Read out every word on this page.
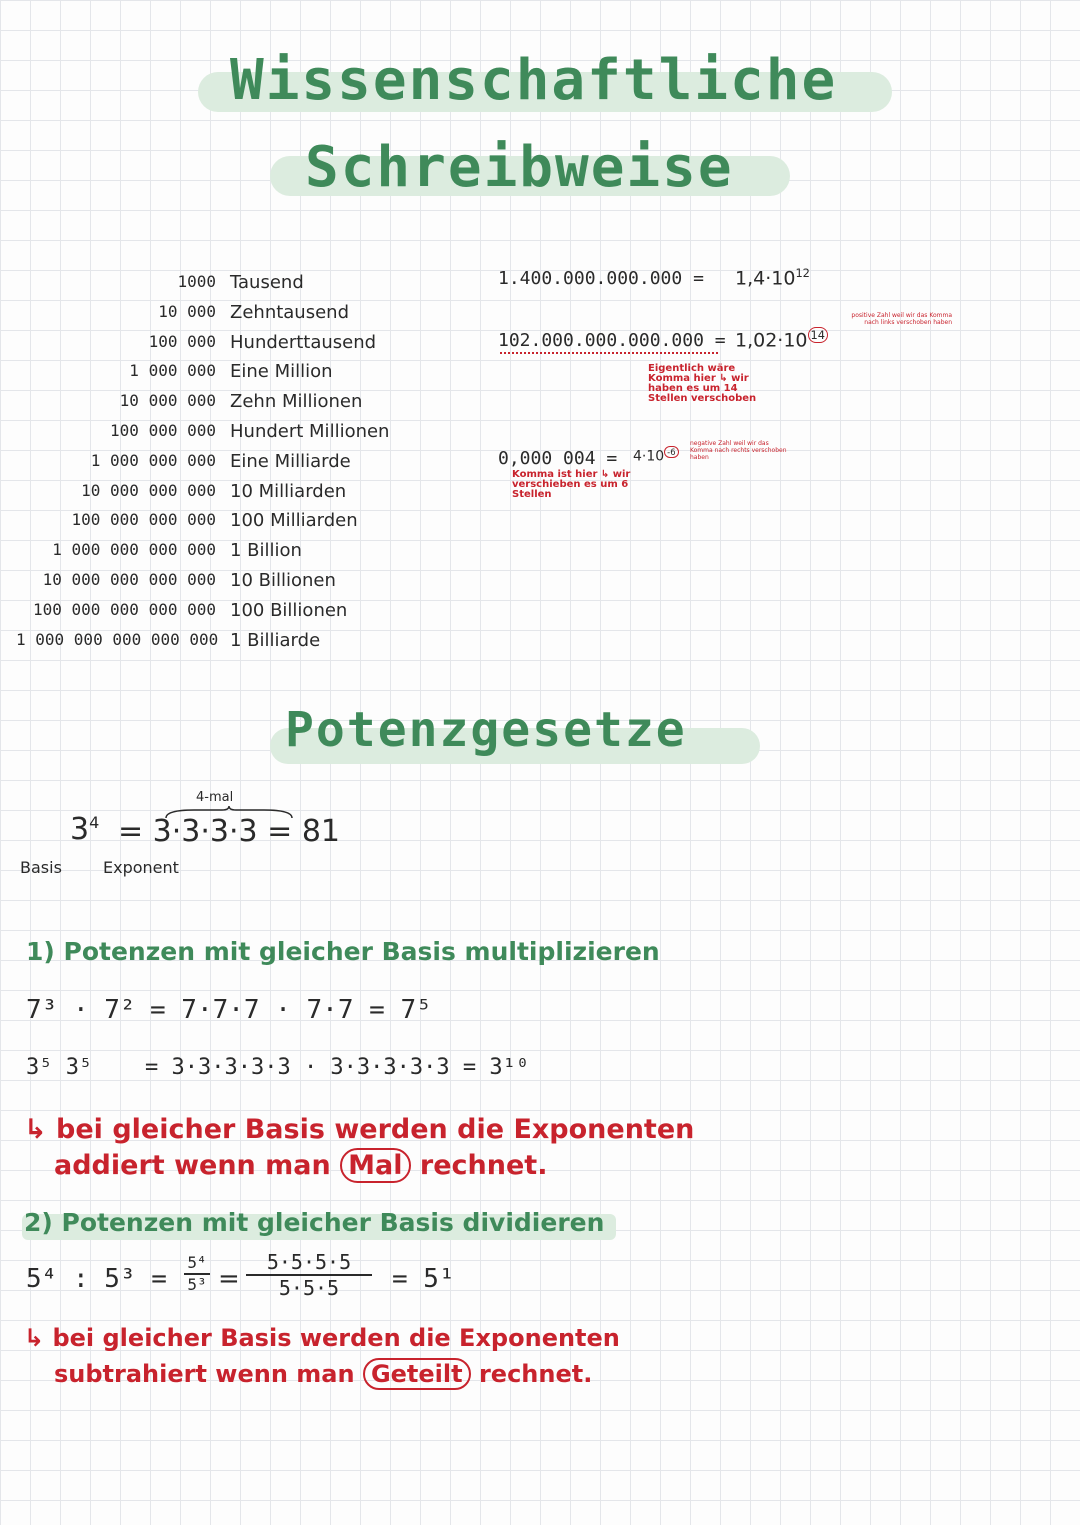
Wissenschaftliche
Schreibweise
1000 Tausend
10 000 Zehntausend
100 000 Hunderttausend
1 000 000 Eine Million
10 000 000 Zehn Millionen
100 000 000 Hundert Millionen
1 000 000 000 Eine Milliarde
10 000 000 000 10 Milliarden
100 000 000 000 100 Milliarden
1 000 000 000 000 1 Billion
10 000 000 000 000 10 Billionen
100 000 000 000 000 100 Billionen
1 000 000 000 000 000 1 Billiarde
$1.400.000.000.000 = 1,4\cdot 10^{12}$
102.000.000.000.000 = 1,02·10 $^{14}$
Eigentlich wäre Komma hier ↳ wir haben es um 14 Stellen verschoben
positive Zahl weil wir das Komma nach links verschoben haben
0,000 004 = 4·10 $^{-6}$
Komma ist hier ↳ wir verschieben es um 6 Stellen
negative Zahl weil wir das Komma nach rechts verschoben haben
Potenzgesetze
4-mal
$3^4 = 3\cdot 3\cdot 3\cdot 3 = 81$
Basis	Exponent
1) Potenzen mit gleicher Basis multiplizieren
7³ · 7² = 7·7·7 · 7·7 = 7⁵
3⁵ 3⁵ = 3·3·3·3·3 · 3·3·3·3·3 = 3¹⁰
↳ bei gleicher Basis werden die Exponenten
addiert wenn man Mal rechnet.
2) Potenzen mit gleicher Basis dividieren
5⁴ : 5³ =
5⁴
5³ =
5·5·5·5
5·5·5	= 5¹
↳ bei gleicher Basis werden die Exponenten
subtrahiert wenn man Geteilt rechnet.
